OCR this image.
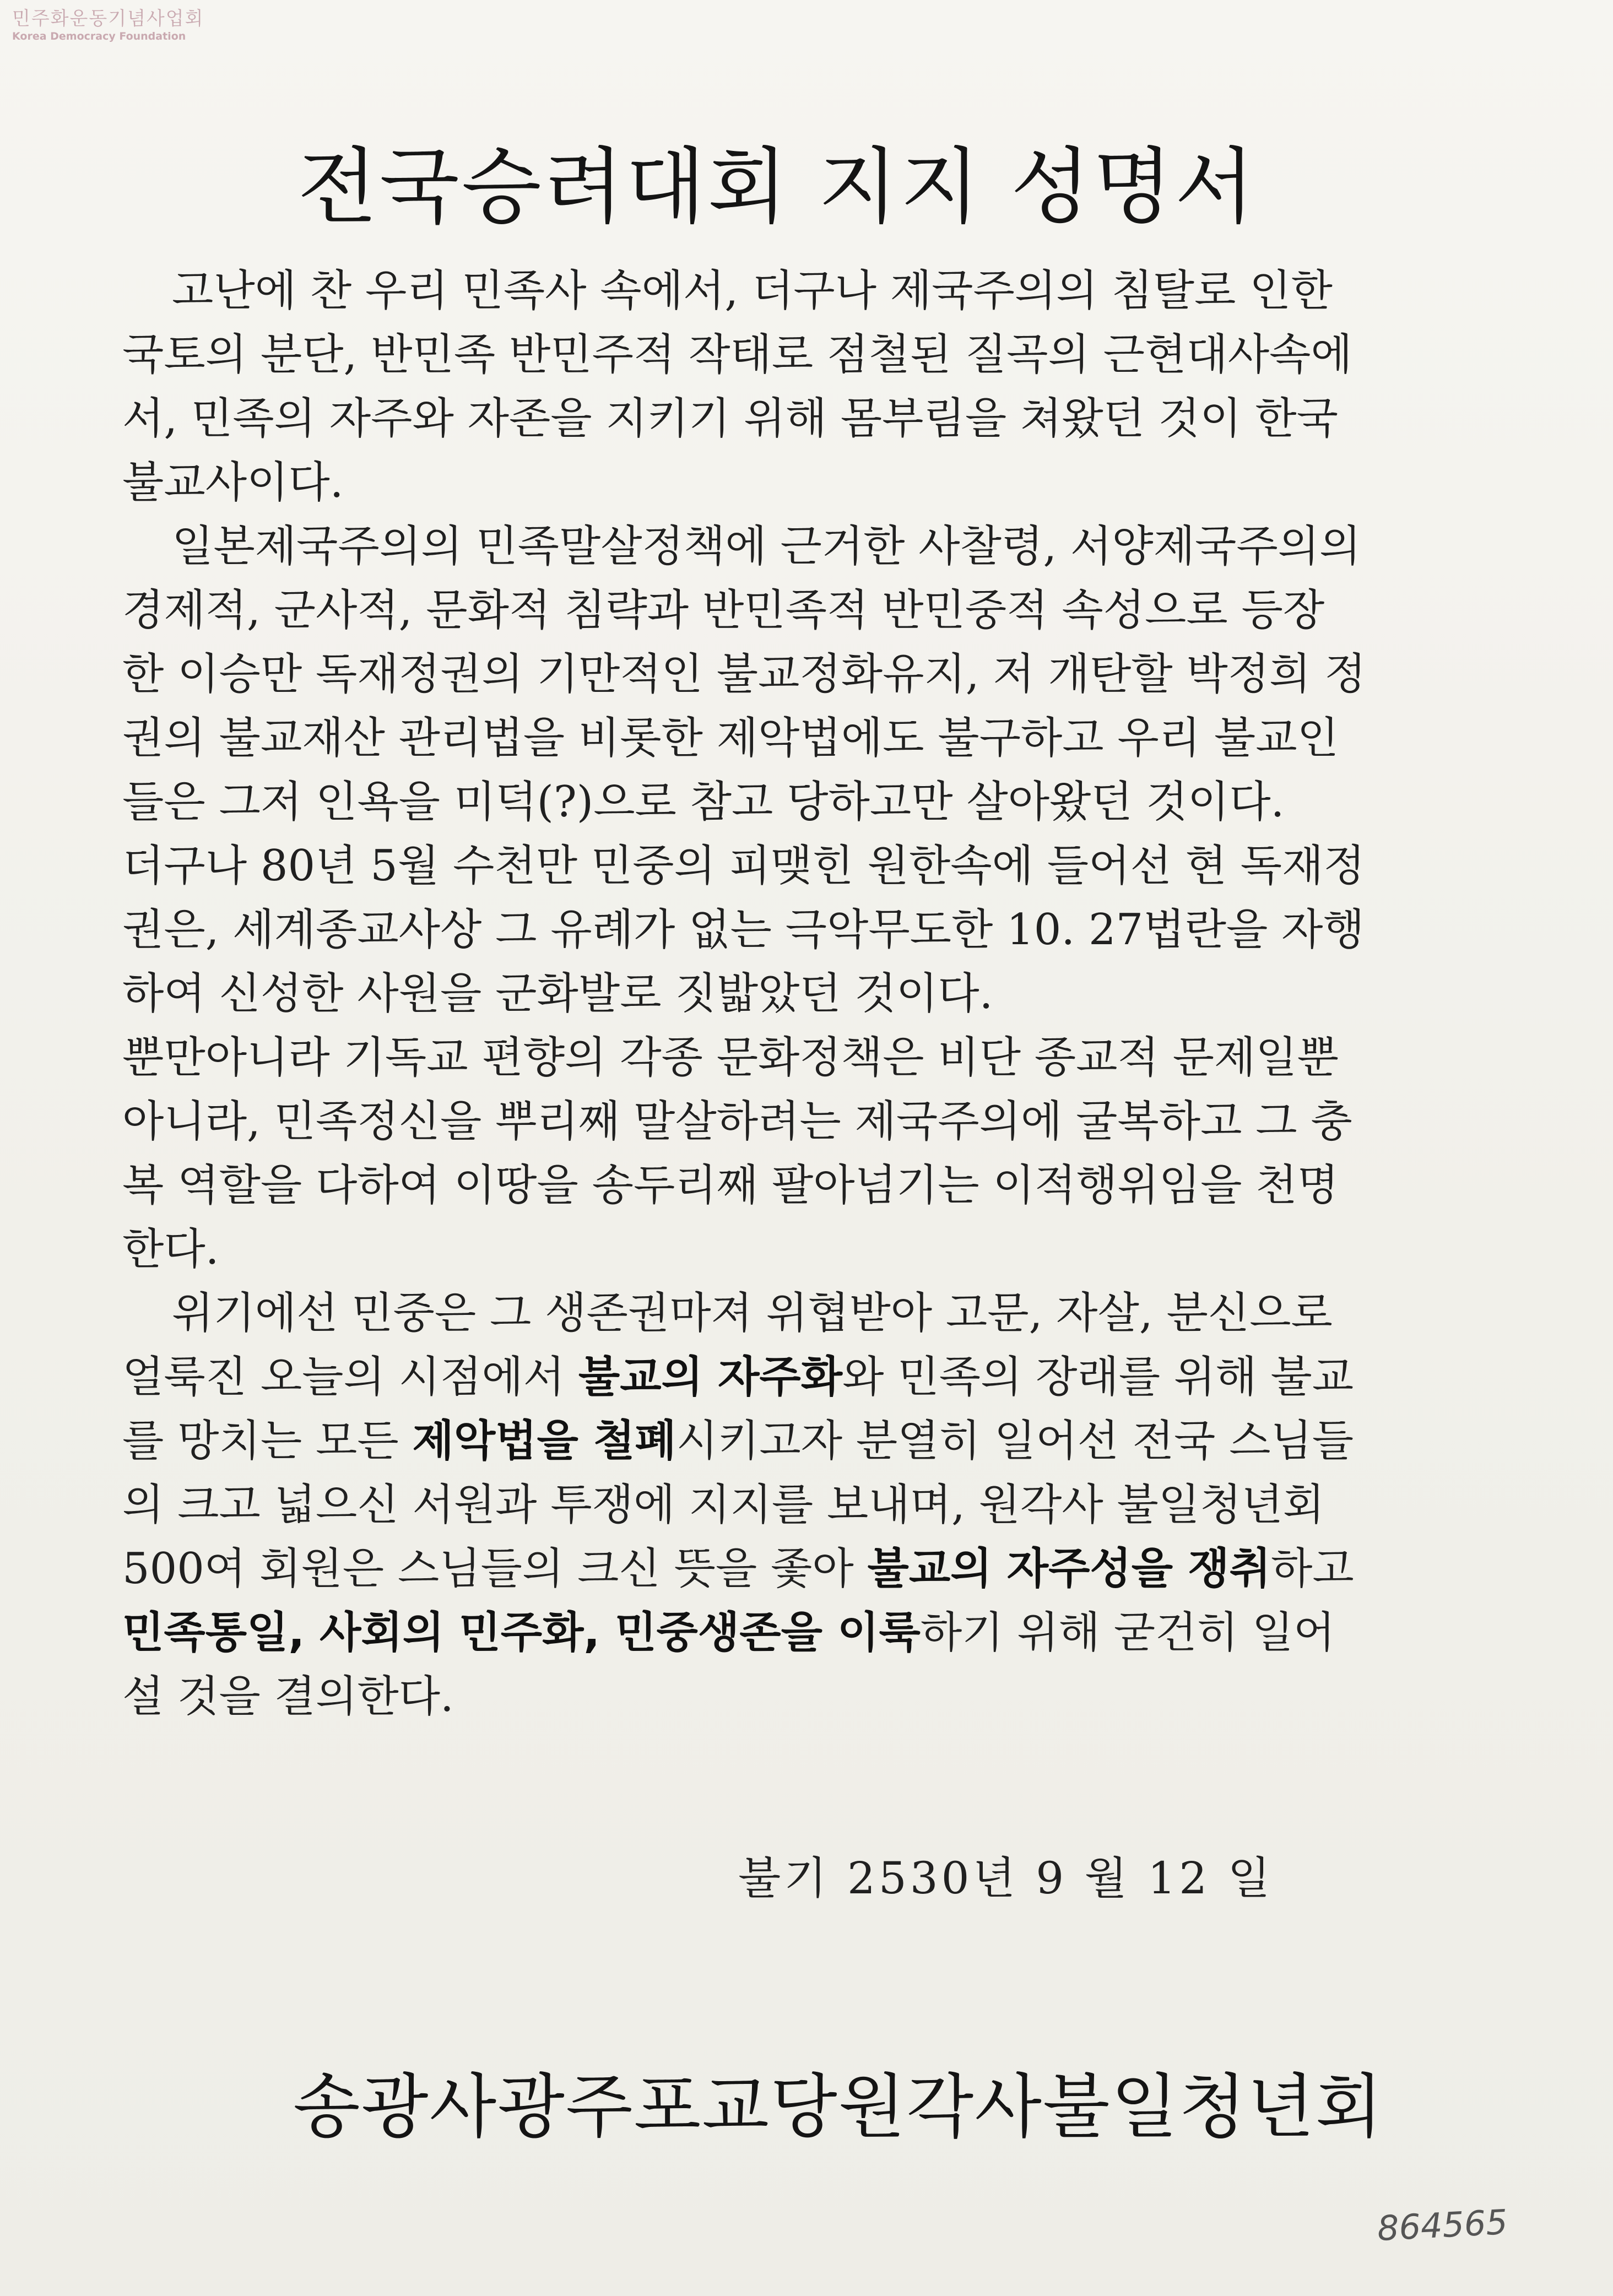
민주화운동기념사업회
Korea Democracy Foundation
전국승려대회 지지 성명서
고난에 찬 우리 민족사 속에서, 더구나 제국주의의 침탈로 인한
국토의 분단, 반민족 반민주적 작태로 점철된 질곡의 근현대사속에
서, 민족의 자주와 자존을 지키기 위해 몸부림을 쳐왔던 것이 한국
불교사이다.
일본제국주의의 민족말살정책에 근거한 사찰령, 서양제국주의의
경제적, 군사적, 문화적 침략과 반민족적 반민중적 속성으로 등장
한 이승만 독재정권의 기만적인 불교정화유지, 저 개탄할 박정희 정
권의 불교재산 관리법을 비롯한 제악법에도 불구하고 우리 불교인
들은 그저 인욕을 미덕(?)으로 참고 당하고만 살아왔던 것이다.
더구나 80년 5월 수천만 민중의 피맺힌 원한속에 들어선 현 독재정
권은, 세계종교사상 그 유례가 없는 극악무도한 10. 27법란을 자행
하여 신성한 사원을 군화발로 짓밟았던 것이다.
뿐만아니라 기독교 편향의 각종 문화정책은 비단 종교적 문제일뿐
아니라, 민족정신을 뿌리째 말살하려는 제국주의에 굴복하고 그 충
복 역할을 다하여 이땅을 송두리째 팔아넘기는 이적행위임을 천명
한다.
위기에선 민중은 그 생존권마져 위협받아 고문, 자살, 분신으로
얼룩진 오늘의 시점에서 불교의 자주화와 민족의 장래를 위해 불교
를 망치는 모든 제악법을 철폐시키고자 분열히 일어선 전국 스님들
의 크고 넓으신 서원과 투쟁에 지지를 보내며, 원각사 불일청년회
500여 회원은 스님들의 크신 뜻을 좇아 불교의 자주성을 쟁취하고
민족통일, 사회의 민주화, 민중생존을 이룩하기 위해 굳건히 일어
설 것을 결의한다.
불기 2530년 9 월 12 일
송광사광주포교당원각사불일청년회
864565
